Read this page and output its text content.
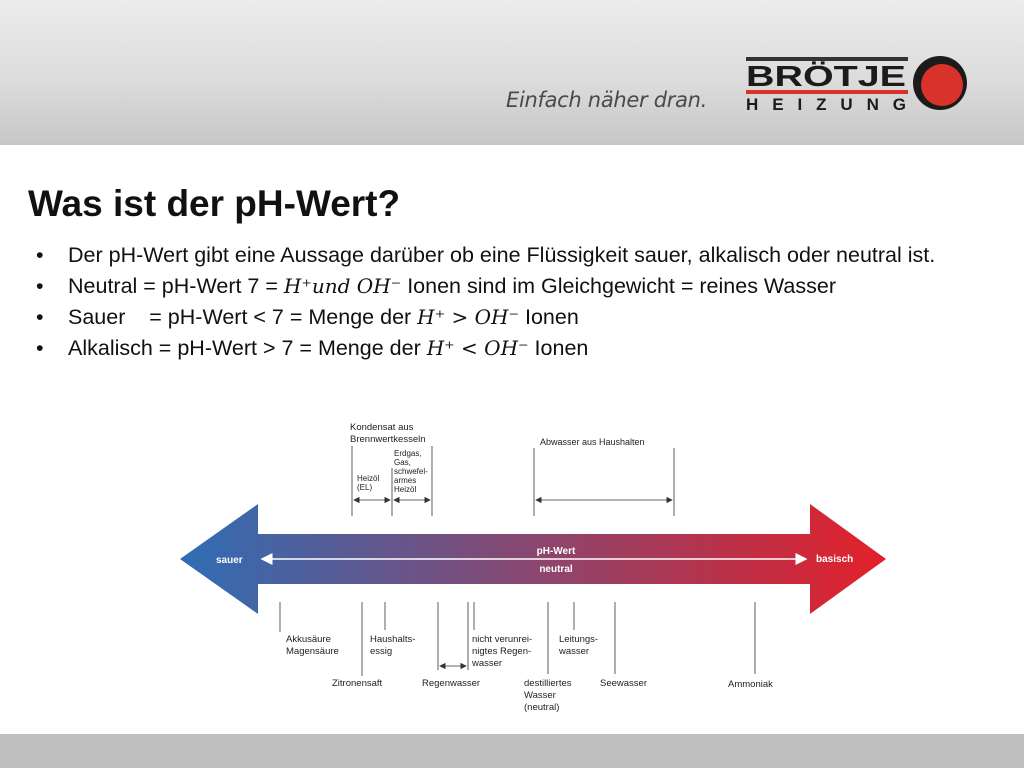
Einfach näher dran.
BRÖTJE
HEIZUNG
Was ist der pH-Wert?
• Der pH-Wert gibt eine Aussage darüber ob eine Flüssigkeit sauer, alkalisch oder neutral ist.
• Neutral = pH-Wert 7 = H⁺und OH⁻ Ionen sind im Gleichgewicht = reines Wasser
• Sauer    = pH-Wert < 7 = Menge der H⁺ > OH⁻ Ionen
• Alkalisch = pH-Wert > 7 = Menge der H⁺ < OH⁻ Ionen
sauer	basisch
pH-Wert
neutral
0	1	2	3	4	5	6	7	8	9	10	11	12	13
0	1	2	3	4	5	6	7	8	9	10	11	12	13
Kondensat aus Brennwertkesseln
Heizöl (EL)
Erdgas, Gas, schwefel-armes Heizöl
Abwasser aus Haushalten
Akkusäure Magensäure
Zitronensaft
Haushalts-essig
Regenwasser
nicht verunrei-nigtes Regen-wasser
destilliertes Wasser (neutral)
Leitungs-wasser
Seewasser	Ammoniak
